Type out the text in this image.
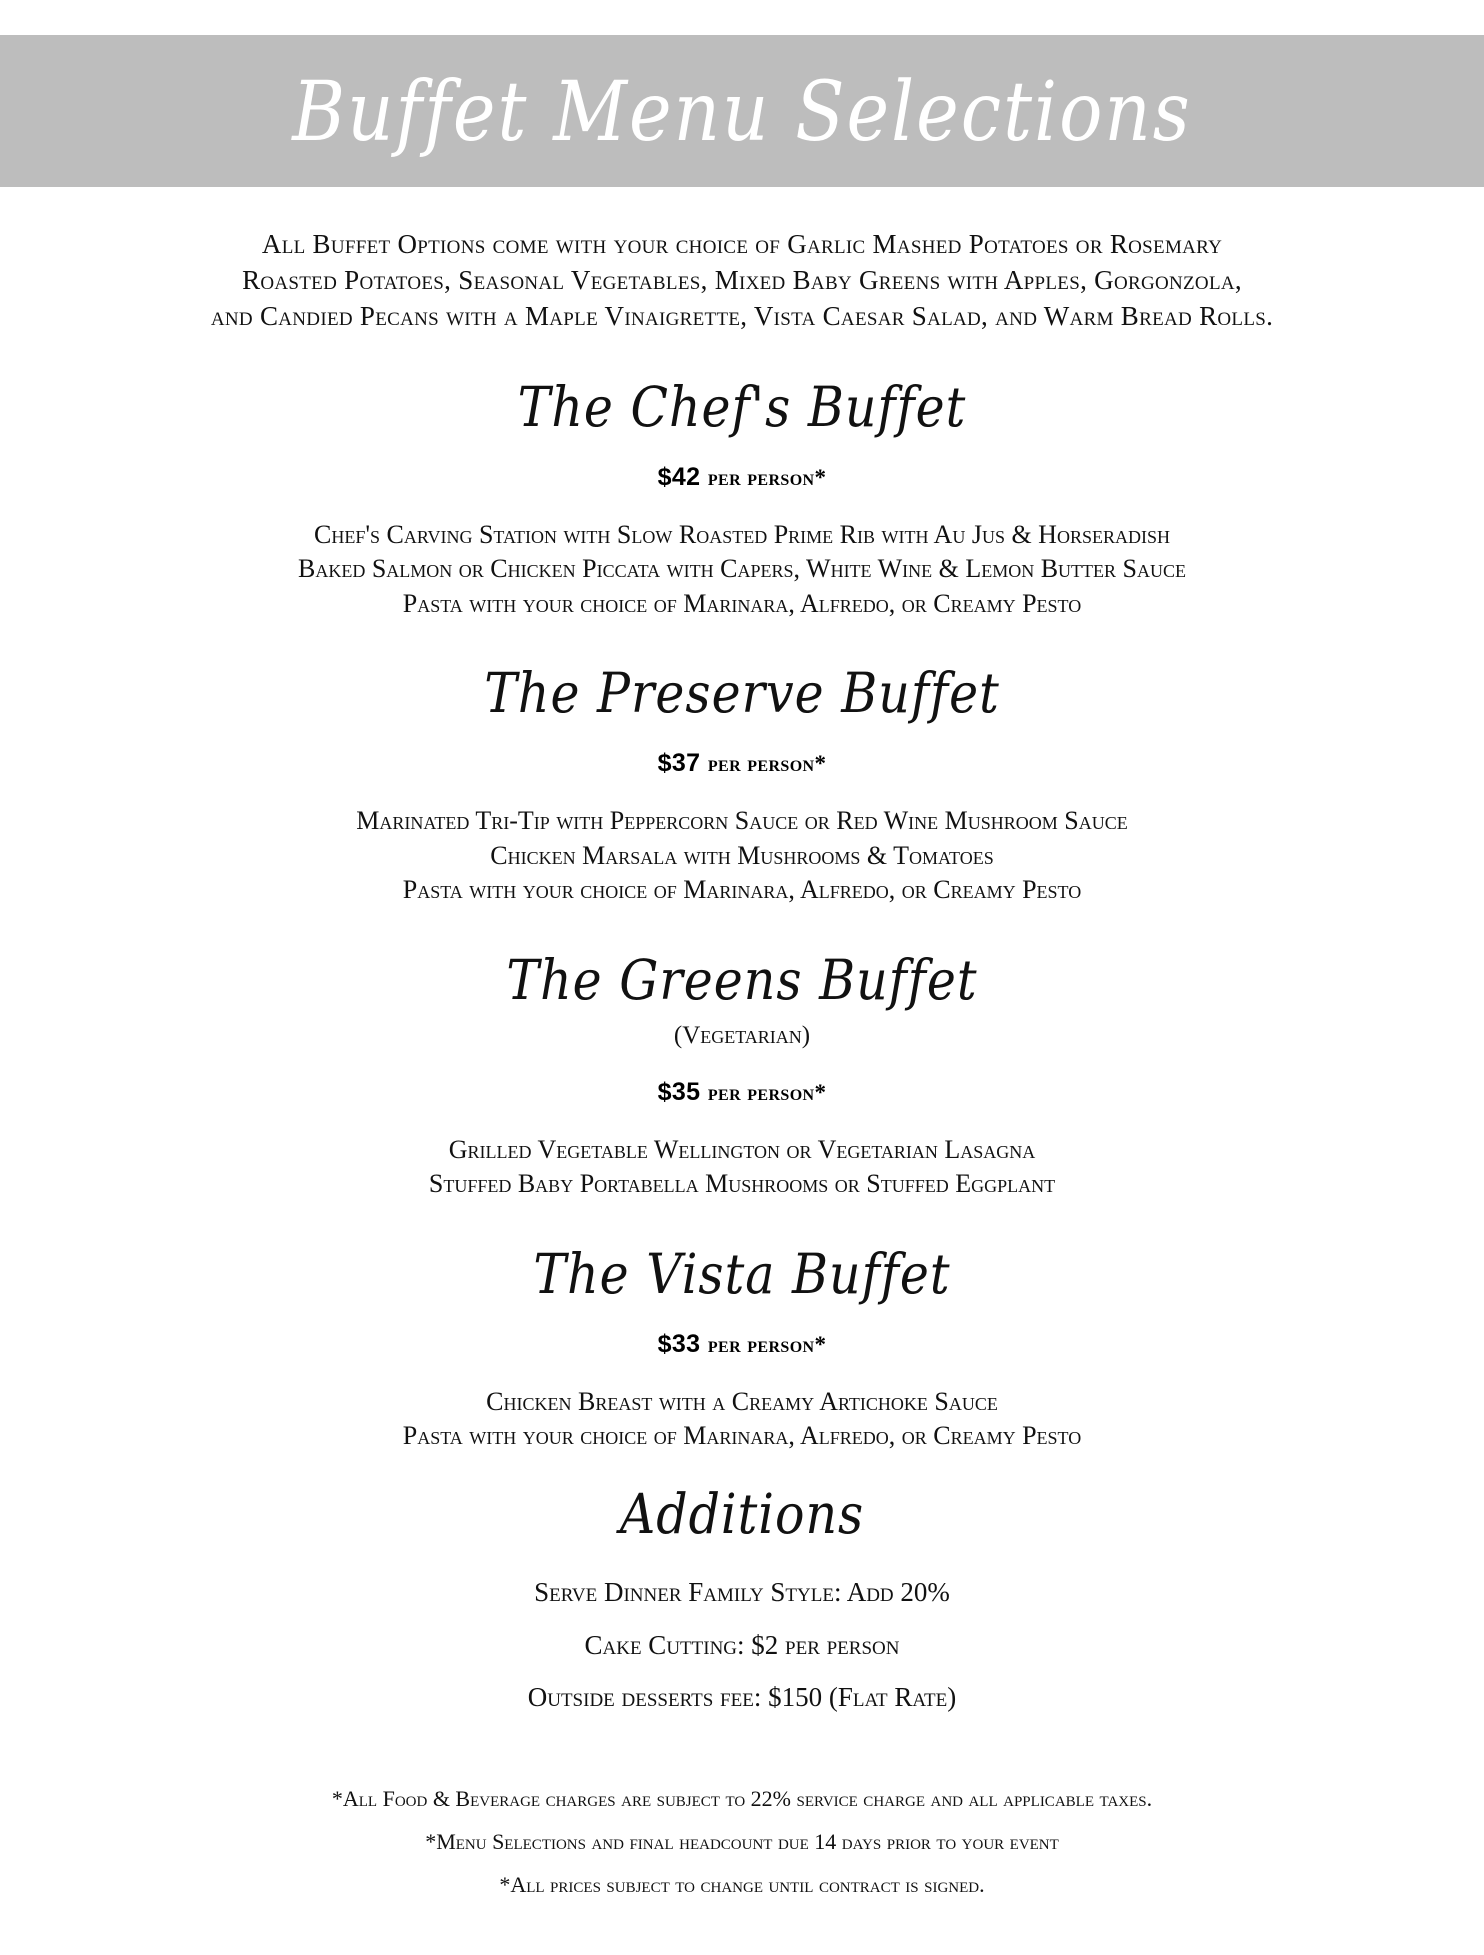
Buffet Menu Selections
All Buffet Options come with your choice of Garlic Mashed Potatoes or Rosemary
Roasted Potatoes, Seasonal Vegetables, Mixed Baby Greens with Apples, Gorgonzola,
and Candied Pecans with a Maple Vinaigrette, Vista Caesar Salad, and Warm Bread Rolls.
The Chef's Buffet
$42 per person*
Chef's Carving Station with Slow Roasted Prime Rib with Au Jus & Horseradish
Baked Salmon or Chicken Piccata with Capers, White Wine & Lemon Butter Sauce
Pasta with your choice of Marinara, Alfredo, or Creamy Pesto
The Preserve Buffet
$37 per person*
Marinated Tri-Tip with Peppercorn Sauce or Red Wine Mushroom Sauce
Chicken Marsala with Mushrooms & Tomatoes
Pasta with your choice of Marinara, Alfredo, or Creamy Pesto
The Greens Buffet
(Vegetarian)
$35 per person*
Grilled Vegetable Wellington or Vegetarian Lasagna
Stuffed Baby Portabella Mushrooms or Stuffed Eggplant
The Vista Buffet
$33 per person*
Chicken Breast with a Creamy Artichoke Sauce
Pasta with your choice of Marinara, Alfredo, or Creamy Pesto
Additions
Serve Dinner Family Style: Add 20%
Cake Cutting: $2 per person
Outside desserts fee: $150 (Flat Rate)
*All Food & Beverage charges are subject to 22% service charge and all applicable taxes.
*Menu Selections and final headcount due 14 days prior to your event
*All prices subject to change until contract is signed.
